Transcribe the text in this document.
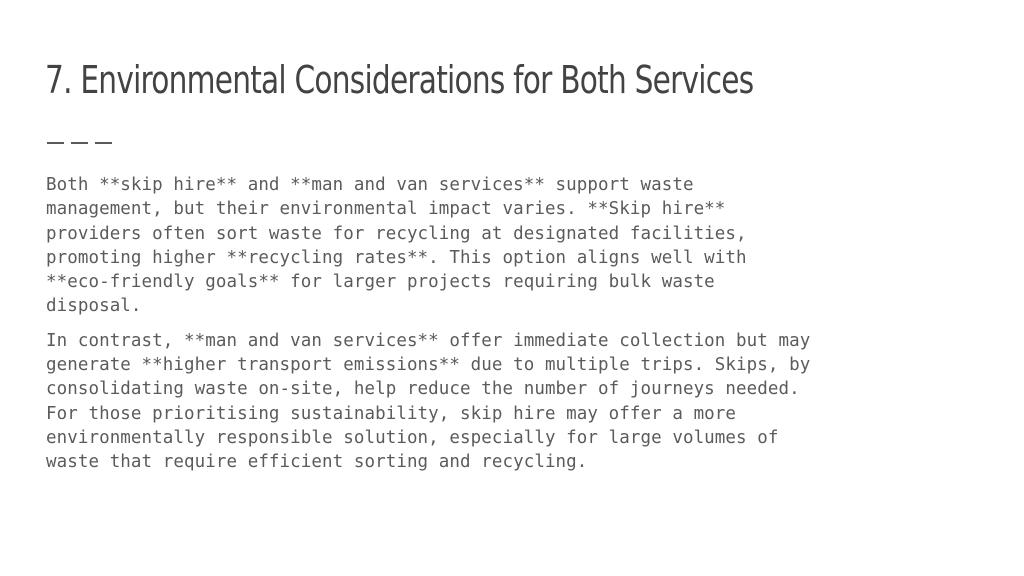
7. Environmental Considerations for Both Services

Both **skip hire** and **man and van services** support waste
management, but their environmental impact varies. **Skip hire**
providers often sort waste for recycling at designated facilities,
promoting higher **recycling rates**. This option aligns well with
**eco-friendly goals** for larger projects requiring bulk waste
disposal.

In contrast, **man and van services** offer immediate collection but may
generate **higher transport emissions** due to multiple trips. Skips, by
consolidating waste on-site, help reduce the number of journeys needed.
For those prioritising sustainability, skip hire may offer a more
environmentally responsible solution, especially for large volumes of
waste that require efficient sorting and recycling.
